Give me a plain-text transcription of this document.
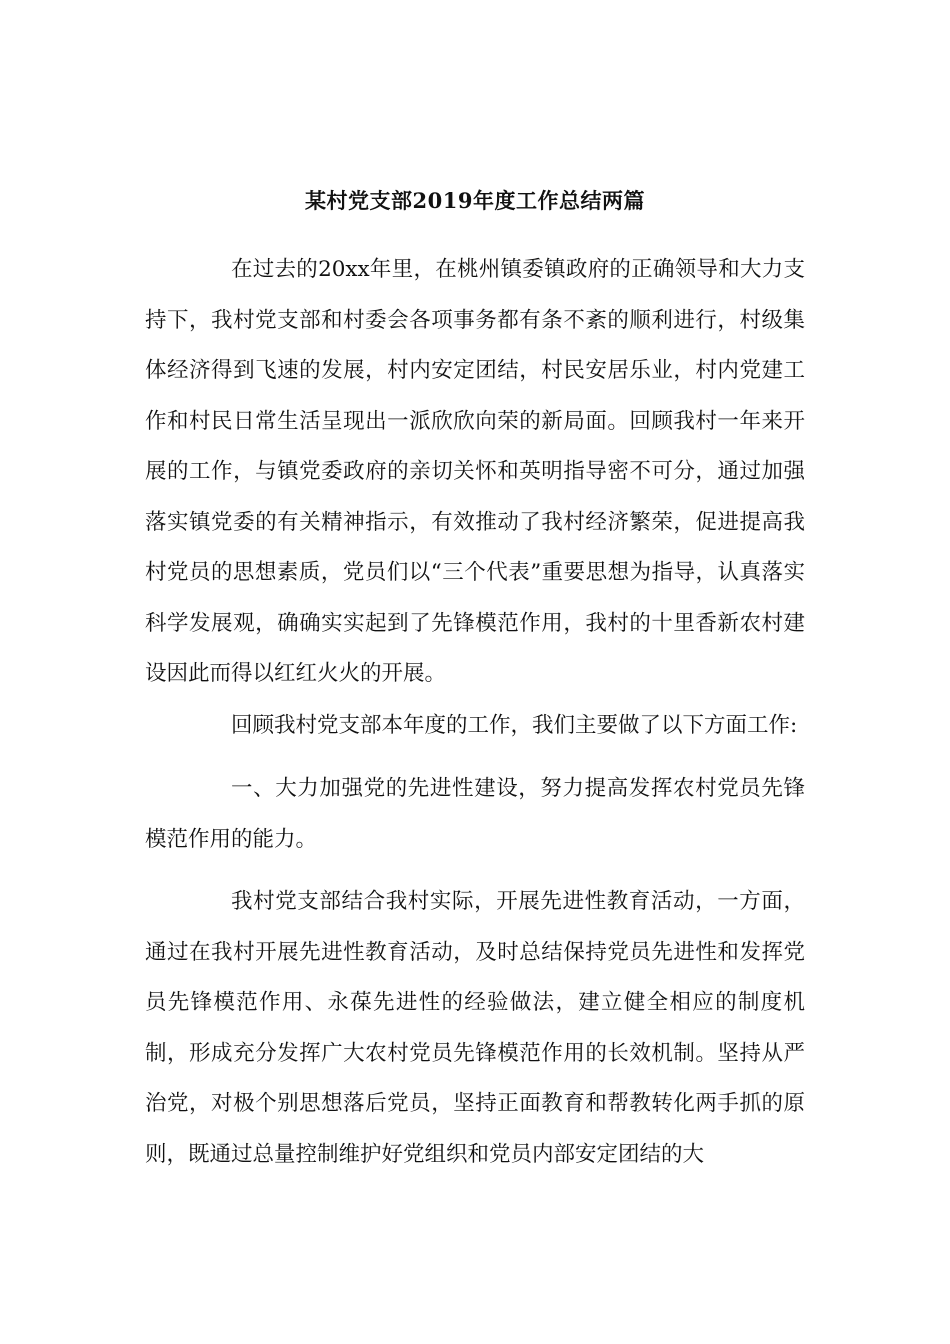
某村党支部2019年度工作总结两篇

在过去的20xx年里，在桃州镇委镇政府的正确领导和大力支持下，我村党支部和村委会各项事务都有条不紊的顺利进行，村级集体经济得到飞速的发展，村内安定团结，村民安居乐业，村内党建工作和村民日常生活呈现出一派欣欣向荣的新局面。回顾我村一年来开展的工作，与镇党委政府的亲切关怀和英明指导密不可分，通过加强落实镇党委的有关精神指示，有效推动了我村经济繁荣，促进提高我村党员的思想素质，党员们以“三个代表”重要思想为指导，认真落实科学发展观，确确实实起到了先锋模范作用，我村的十里香新农村建设因此而得以红红火火的开展。

回顾我村党支部本年度的工作，我们主要做了以下方面工作:

一、大力加强党的先进性建设，努力提高发挥农村党员先锋模范作用的能力。

我村党支部结合我村实际，开展先进性教育活动，一方面，通过在我村开展先进性教育活动，及时总结保持党员先进性和发挥党员先锋模范作用、永葆先进性的经验做法，建立健全相应的制度机制，形成充分发挥广大农村党员先锋模范作用的长效机制。坚持从严治党，对极个别思想落后党员，坚持正面教育和帮教转化两手抓的原则，既通过总量控制维护好党组织和党员内部安定团结的大
